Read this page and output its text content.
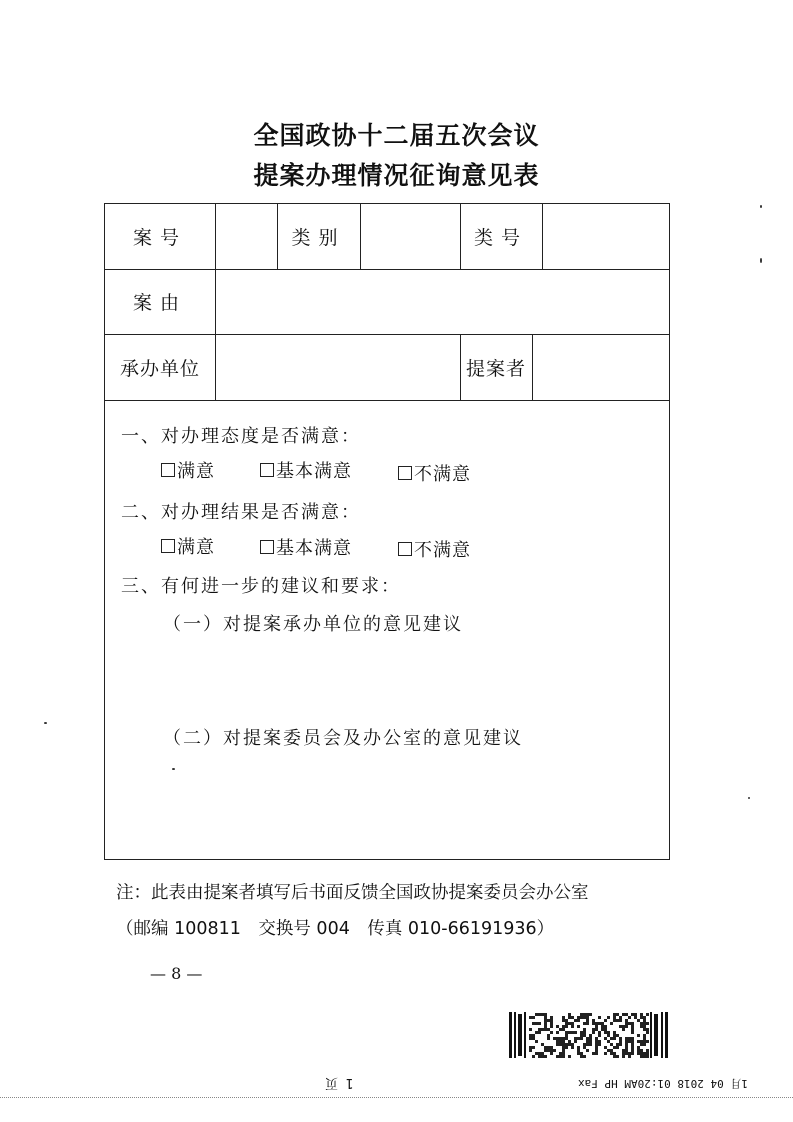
全国政协十二届五次会议
提案办理情况征询意见表
案号	类别	类号
案由
承办单位	提案者
一、对办理态度是否满意：
满意	基本满意	不满意
二、对办理结果是否满意：
满意	基本满意	不满意
三、有何进一步的建议和要求：
（一）对提案承办单位的意见建议
（二）对提案委员会及办公室的意见建议
注：此表由提案者填写后书面反馈全国政协提案委员会办公室
（邮编 100811　交换号 004　传真 010-66191936）
— 8 —
1 页	1月 04 2018 01:20AM HP Fax
